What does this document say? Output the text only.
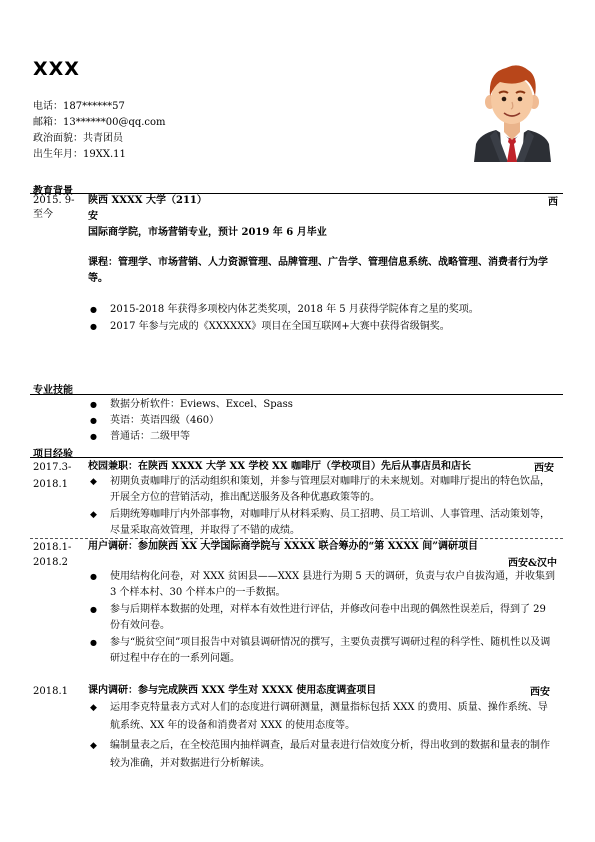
XXX
电话：187******57
邮箱：13******00@qq.com
政治面貌：共青团员
出生年月：19XX.11
教育背景
2015. 9-
至今
陕西 XXXX 大学（211）	西
安
国际商学院，市场营销专业，预计 2019 年 6 月毕业
课程：管理学、市场营销、人力资源管理、品牌管理、广告学、管理信息系统、战略管理、消费者行为学等。
● 2015-2018 年获得多项校内体艺类奖项，2018 年 5 月获得学院体育之星的奖项。
● 2017 年参与完成的《XXXXXX》项目在全国互联网+大赛中获得省级铜奖。
专业技能
● 数据分析软件：Eviews、Excel、Spass
● 英语：英语四级（460）
● 普通话：二级甲等
项目经验
2017.3-
2018.1
校园兼职：在陕西 XXXX 大学 XX 学校 XX 咖啡厅（学校项目）先后从事店员和店长	西安
◆ 初期负责咖啡厅的活动组织和策划，并参与管理层对咖啡厅的未来规划。对咖啡厅提出的特色饮品，开展全方位的营销活动，推出配送服务及各种优惠政策等的。
◆ 后期统筹咖啡厅内外部事物，对咖啡厅从材料采购、员工招聘、员工培训、人事管理、活动策划等，尽量采取高效管理，并取得了不错的成绩。
2018.1-
2018.2
用户调研：参加陕西 XX 大学国际商学院与 XXXX 联合筹办的“第 XXXX 间”调研项目
西安&汉中
● 使用结构化问卷，对 XXX 贫困县——XXX 县进行为期 5 天的调研，负责与农户自拔沟通，并收集到 3 个样本村、30 个样本户的一手数据。
● 参与后期样本数据的处理，对样本有效性进行评估，并修改问卷中出现的偶然性误差后，得到了 29 份有效问卷。
● 参与“脱贫空间”项目报告中对镇县调研情况的撰写，主要负责撰写调研过程的科学性、随机性以及调研过程中存在的一系列问题。
2018.1 课内调研：参与完成陕西 XXX 学生对 XXXX 使用态度调查项目	西安
◆ 运用李克特量表方式对人们的态度进行调研测量，测量指标包括 XXX 的费用、质量、操作系统、导航系统、XX 年的设备和消费者对 XXX 的使用态度等。
◆ 编制量表之后，在全校范围内抽样调查，最后对量表进行信效度分析，得出收到的数据和量表的制作较为准确，并对数据进行分析解读。
